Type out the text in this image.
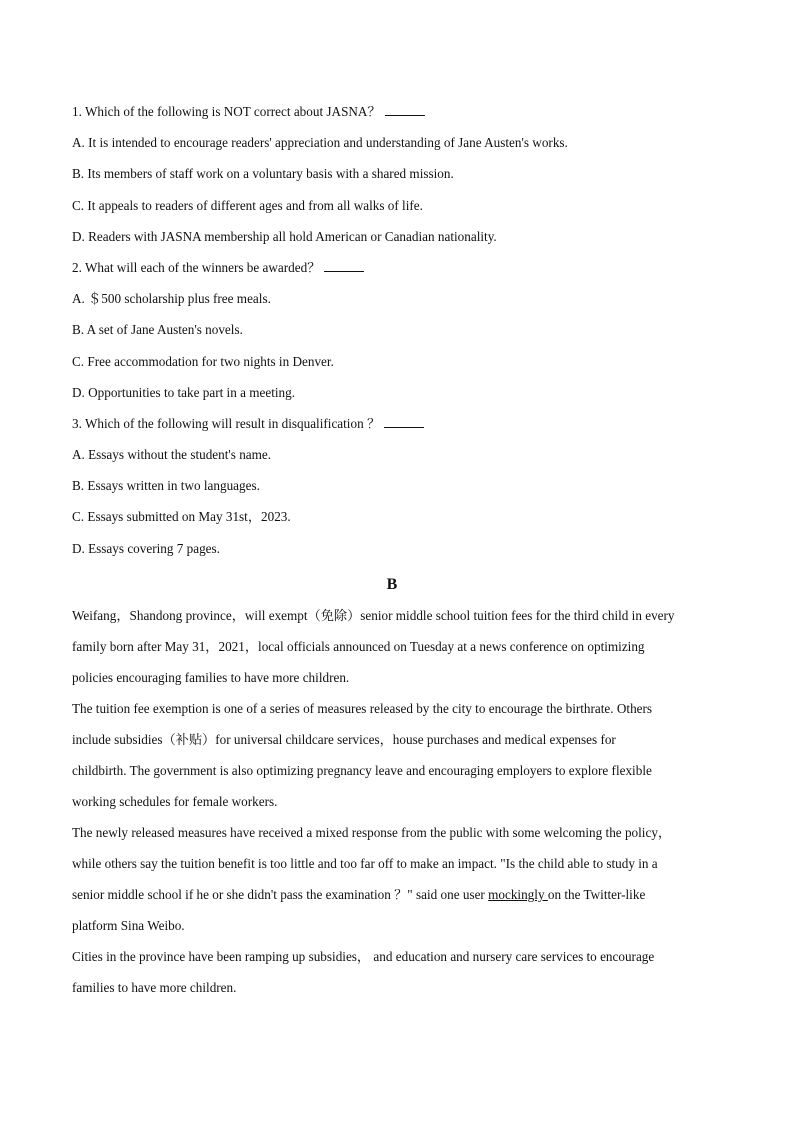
1. Which of the following is NOT correct about JASNA？
A. It is intended to encourage readers' appreciation and understanding of Jane Austen's works.
B. Its members of staff work on a voluntary basis with a shared mission.
C. It appeals to readers of different ages and from all walks of life.
D. Readers with JASNA membership all hold American or Canadian nationality.
2. What will each of the winners be awarded？
A. ＄500 scholarship plus free meals.
B. A set of Jane Austen's novels.
C. Free accommodation for two nights in Denver.
D. Opportunities to take part in a meeting.
3. Which of the following will result in disqualification ？
A. Essays without the student's name.
B. Essays written in two languages.
C. Essays submitted on May 31st，2023.
D. Essays covering 7 pages.
B
Weifang，Shandong province，will exempt（免除）senior middle school tuition fees for the third child in every
family born after May 31，2021，local officials announced on Tuesday at a news conference on optimizing
policies encouraging families to have more children.
The tuition fee exemption is one of a series of measures released by the city to encourage the birthrate. Others
include subsidies（补贴）for universal childcare services，house purchases and medical expenses for
childbirth. The government is also optimizing pregnancy leave and encouraging employers to explore flexible
working schedules for female workers.
The newly released measures have received a mixed response from the public with some welcoming the policy，
while others say the tuition benefit is too little and too far off to make an impact. "Is the child able to study in a
senior middle school if he or she didn't pass the examination ？" said one user mockingly on the Twitter-like
platform Sina Weibo.
Cities in the province have been ramping up subsidies， and education and nursery care services to encourage
families to have more children.
